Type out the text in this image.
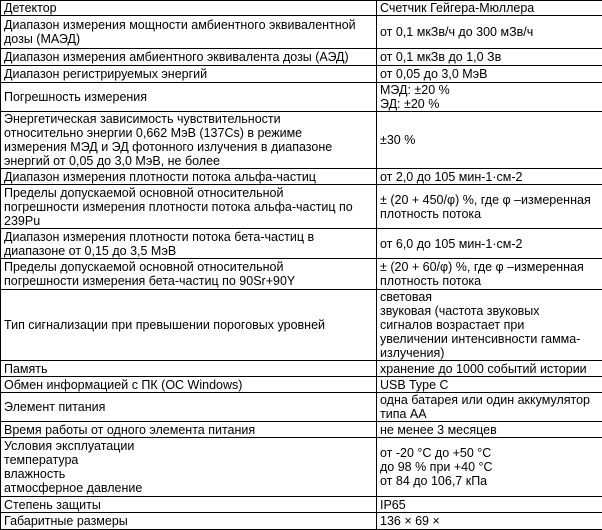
Детектор	Счетчик Гейгера-Мюллера

Диапазон измерения мощности амбиентного эквивалентной
дозы (МАЭД)	от 0,1 мкЗв/ч до 300 мЗв/ч

Диапазон измерения амбиентного эквивалента дозы (АЭД)	от 0,1 мкЗв до 1,0 Зв

Диапазон регистрируемых энергий	от 0,05 до 3,0 МэВ

Погрешность измерения	МЭД: ±20 %
ЭД: ±20 %

Энергетическая зависимость чувствительности
относительно энергии 0,662 МэВ (137Cs) в режиме
измерения МЭД и ЭД фотонного излучения в диапазоне
энергий от 0,05 до 3,0 МэВ, не более	±30 %

Диапазон измерения плотности потока альфа-частиц	от 2,0 до 105 мин-1·см-2

Пределы допускаемой основной относительной
погрешности измерения плотности потока альфа-частиц по
239Pu	± (20 + 450/φ) %, где φ –измеренная
плотность потока

Диапазон измерения плотности потока бета-частиц в
диапазоне от 0,15 до 3,5 МэВ	от 6,0 до 105 мин-1·см-2

Пределы допускаемой основной относительной
погрешности измерения бета-частиц по 90Sr+90Y	± (20 + 60/φ) %, где φ –измеренная
плотность потока

Тип сигнализации при превышении пороговых уровней	световая
звуковая (частота звуковых
сигналов возрастает при
увеличении интенсивности гамма-
излучения)

Память	хранение до 1000 событий истории

Обмен информацией с ПК (ОС Windows)	USB Type C

Элемент питания	одна батарея или один аккумулятор
типа AA

Время работы от одного элемента питания	не менее 3 месяцев

Условия эксплуатации
температура
влажность
атмосферное давление	от -20 °С до +50 °С
до 98 % при +40 °С
от 84 до 106,7 кПа

Степень защиты	IP65

Габаритные размеры	136 × 69 ×
